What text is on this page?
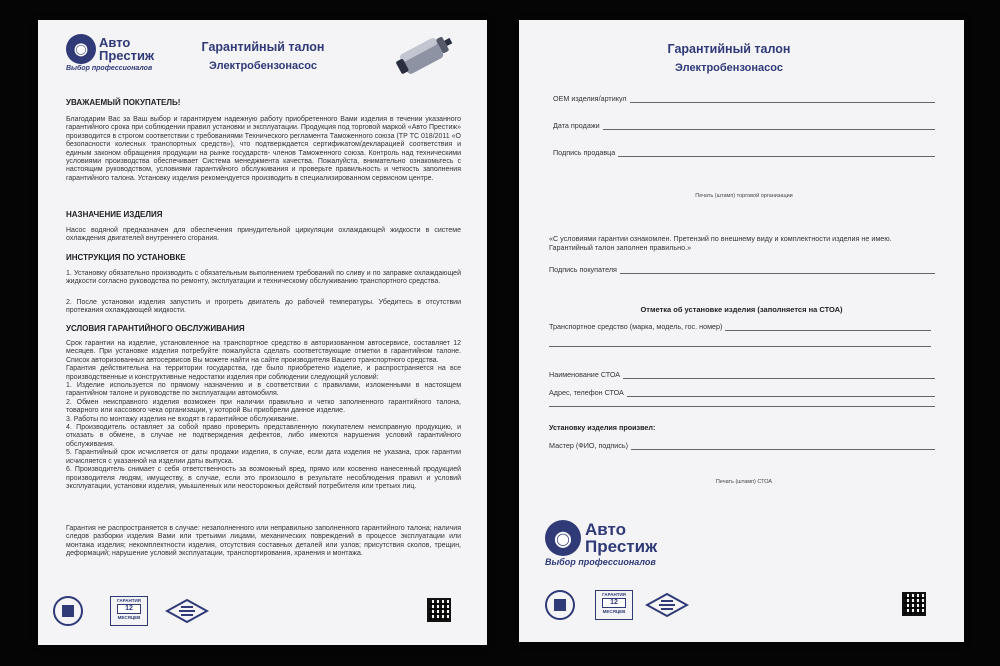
◉ Авто
Престиж
Выбор профессионалов
Гарантийный талон
Электробензонасос
УВАЖАЕМЫЙ ПОКУПАТЕЛЬ!
Благодарим Вас за Ваш выбор и гарантируем надежную работу приобретенного Вами изделия в течении указанного гарантийного срока при соблюдении правил установки и эксплуатации. Продукция под торговой маркой «Авто Престиж» производится в строгом соответствии с требованиями Технического регламента Таможенного союза (ТР ТС 018/2011 «О безопасности колесных транспортных средств»), что подтверждается сертификатом/декларацией соответствия и единым законом обращения продукции на рынке государств- членов Таможенного союза. Контроль над техническими условиями производства обеспечивает Система менеджмента качества. Пожалуйста, внимательно ознакомьтесь с настоящим руководством, условиями гарантийного обслуживания и проверьте правильность и четкость заполнения гарантийного талона. Установку изделия рекомендуется производить в специализированном сервисном центре.
НАЗНАЧЕНИЕ ИЗДЕЛИЯ
Насос водяной предназначен для обеспечения принудительной циркуляции охлаждающей жидкости в системе охлаждения двигателей внутреннего сгорания.
ИНСТРУКЦИЯ ПО УСТАНОВКЕ
1. Установку обязательно производить с обязательным выполнением требований по сливу и по заправке охлаждающей жидкости согласно руководства по ремонту, эксплуатации и техническому обслуживанию транспортного средства.
2. После установки изделия запустить и прогреть двигатель до рабочей температуры. Убедитесь в отсутствии протекания охлаждающей жидкости.
УСЛОВИЯ ГАРАНТИЙНОГО ОБСЛУЖИВАНИЯ
Срок гарантии на изделие, установленное на транспортное средство в авторизованном автосервисе, составляет 12 месяцев. При установке изделия потребуйте пожалуйста сделать соответствующие отметки в гарантийном талоне. Список авторизованных автосервисов Вы можете найти на сайте производителя Вашего транспортного средства.
Гарантия действительна на территории государства, где было приобретено изделие, и распространяется на все производственные и конструктивные недостатки изделия при соблюдении следующий условий:
1. Изделие используется по прямому назначению и в соответствии с правилами, изложенными в настоящем гарантийном талоне и руководстве по эксплуатации автомобиля.
2. Обмен неисправного изделия возможен при наличии правильно и четко заполненного гарантийного талона, товарного или кассового чека организации, у которой Вы приобрели данное изделие.
3. Работы по монтажу изделия не входят в гарантийное обслуживание.
4. Производитель оставляет за собой право проверить представленную покупателем неисправную продукцию, и отказать в обмене, в случае не подтверждения дефектов, либо имеются нарушения условий гарантийного обслуживания.
5. Гарантийный срок исчисляется от даты продажи изделия, в случае, если дата изделия не указана, срок гарантии исчисляется с указанной на изделии даты выпуска.
6. Производитель снимает с себя ответственность за возможный вред, прямо или косвенно нанесенный продукцией производителя людям, имуществу, в случае, если это произошло в результате несоблюдения правил и условий эксплуатации, установки изделия, умышленных или неосторожных действий потребителя или третьих лиц.
Гарантия не распространяется в случае: незаполненного или неправильно заполненного гарантийного талона; наличия следов разборки изделия Вами или третьими лицами, механических повреждений в процессе эксплуатации или монтажа изделия; некомплектности изделия, отсутствия составных деталей или узлов; присутствия сколов, трещин, деформаций; нарушение условий эксплуатации, транспортирования, хранения и монтажа.
ГАРАНТИЯ
12
МЕСЯЦЕВ
Гарантийный талон
Электробензонасос
ОЕМ изделия/артикул
Дата продажи
Подпись продавца
Печать (штамп) торговой организации
«С условиями гарантии ознакомлен. Претензий по внешнему виду и комплектности изделия не имею. Гарантийный талон заполнен правильно.»
Подпись покупателя
Отметка об установке изделия (заполняется на СТОА)
Транспортное средство (марка, модель, гос. номер)
Наименование СТОА
Адрес, телефон СТОА
Установку изделия произвел:
Мастер (ФИО, подпись)
Печать (штамп) СТОА
◉ Авто
Престиж
Выбор профессионалов
ГАРАНТИЯ
12
МЕСЯЦЕВ
